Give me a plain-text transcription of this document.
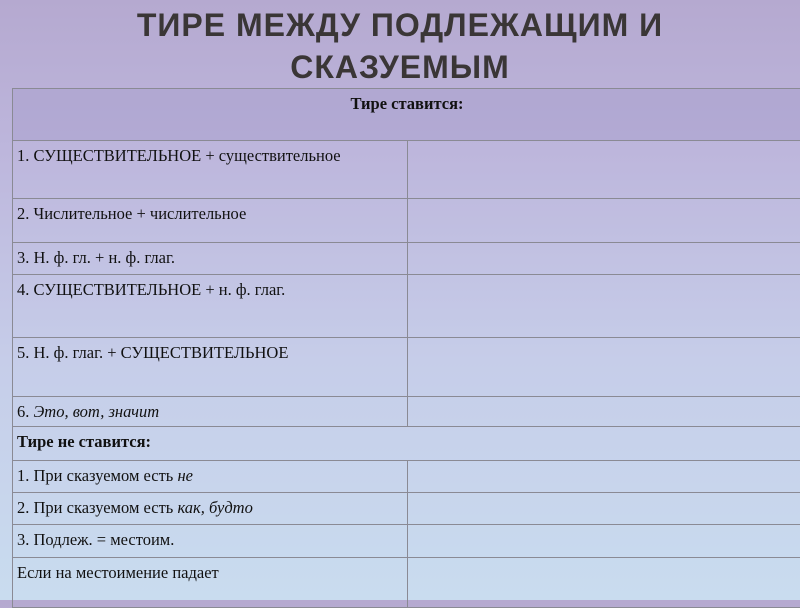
ТИРЕ МЕЖДУ ПОДЛЕЖАЩИМ И
СКАЗУЕМЫМ
Тире ставится:	
1. СУЩЕСТВИТЕЛЬНОЕ + существительное	
2. Числительное + числительное	
3. Н. ф. гл. + н. ф. глаг.	
4. СУЩЕСТВИТЕЛЬНОЕ + н. ф. глаг.	
5. Н. ф. глаг. + СУЩЕСТВИТЕЛЬНОЕ	
6. Это, вот, значит	
Тире не ставится:	
1. При сказуемом есть не	
2. При сказуемом есть как, будто	
3. Подлеж. = местоим.	
Если на местоимение падает	
